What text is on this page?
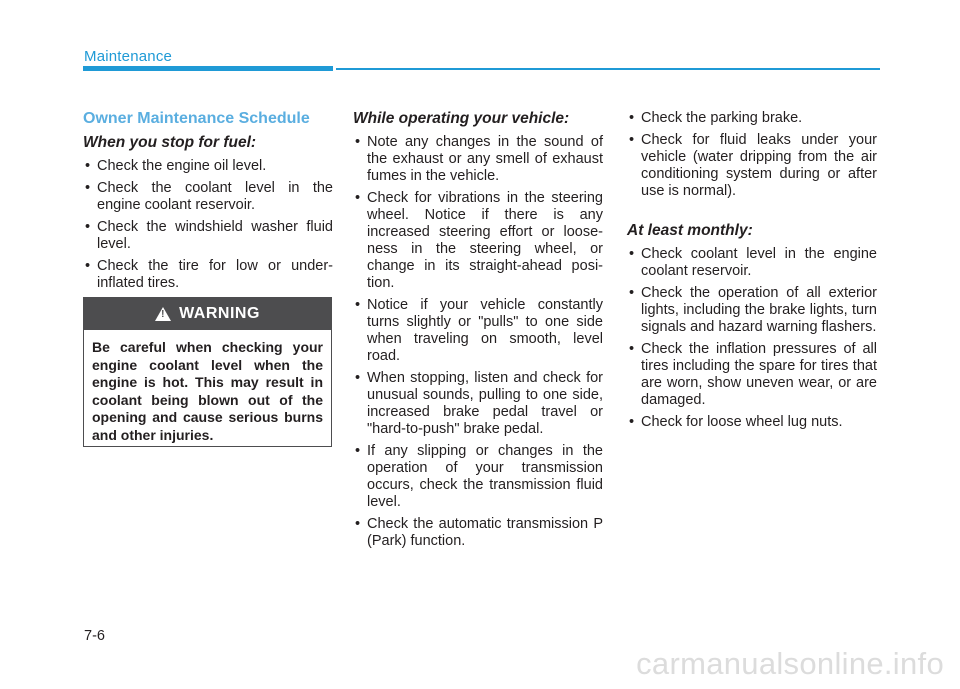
Maintenance
Owner Maintenance Schedule
When you stop for fuel:
• Check the engine oil level.
• Check the coolant level in the engine coolant reservoir.
• Check the windshield washer fluid level.
• Check the tire for low or under-inflated tires.
!
WARNING
Be careful when checking your engine coolant level when the engine is hot. This may result in coolant being blown out of the opening and cause serious burns and other injuries.
While operating your vehicle:
• Note any changes in the sound of the exhaust or any smell of exhaust fumes in the vehicle.
• Check for vibrations in the steering wheel. Notice if there is any increased steering effort or loose-ness in the steering wheel, or change in its straight-ahead posi-tion.
• Notice if your vehicle constantly turns slightly or "pulls" to one side when traveling on smooth, level road.
• When stopping, listen and check for unusual sounds, pulling to one side, increased brake pedal travel or "hard-to-push" brake pedal.
• If any slipping or changes in the operation of your transmission occurs, check the transmission fluid level.
• Check the automatic transmission P (Park) function.
• Check the parking brake.
• Check for fluid leaks under your vehicle (water dripping from the air conditioning system during or after use is normal).
At least monthly:
• Check coolant level in the engine coolant reservoir.
• Check the operation of all exterior lights, including the brake lights, turn signals and hazard warning flashers.
• Check the inflation pressures of all tires including the spare for tires that are worn, show uneven wear, or are damaged.
• Check for loose wheel lug nuts.
7-6
carmanualsonline.info
